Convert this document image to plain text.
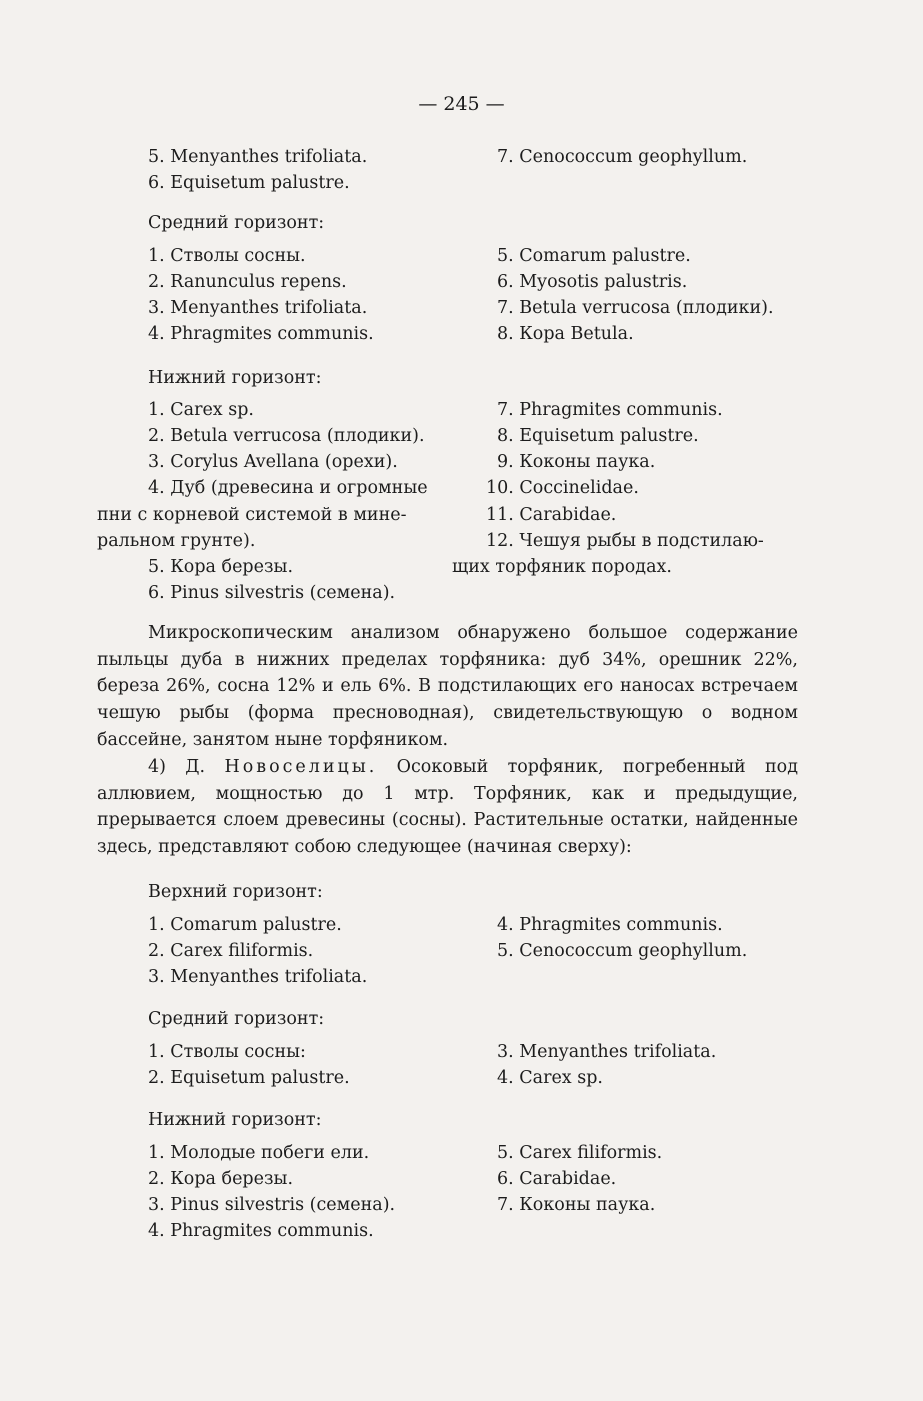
— 245 —
5. Menyanthes trifoliata.
6. Equisetum palustre.
7. Cenococcum geophyllum.
Средний горизонт:
1. Стволы сосны.
2. Ranunculus repens.
3. Menyanthes trifoliata.
4. Phragmites communis.
5. Comarum palustre.
6. Myosotis palustris.
7. Betula verrucosa (плодики).
8. Кора Betula.
Нижний горизонт:
1. Carex sp.
2. Betula verrucosa (плодики).
3. Corylus Avellana (орехи).
4. Дуб (древесина и огромные
пни с корневой системой в мине-
ральном грунте).
5. Кора березы.
6. Pinus silvestris (семена).
7. Phragmites communis.
8. Equisetum palustre.
9. Коконы паука.
10. Coccinelidae.
11. Carabidae.
12. Чешуя рыбы в подстилаю-
щих торфяник породах.
Микроскопическим анализом обнаружено большое содержание пыльцы дуба в нижних пределах торфяника: дуб 34%, орешник 22%, береза 26%, сосна 12% и ель 6%. В подстилающих его наносах встречаем чешую рыбы (форма пресноводная), свидетельствующую о водном бассейне, занятом ныне торфяником.
4) Д. Новоселицы. Осоковый торфяник, погребенный под аллювием, мощностью до 1 мтр. Торфяник, как и предыдущие, прерывается слоем древесины (сосны). Растительные остатки, найденные здесь, представляют собою следующее (начиная сверху):
Верхний горизонт:
1. Comarum palustre.
2. Carex filiformis.
3. Menyanthes trifoliata.
4. Phragmites communis.
5. Cenococcum geophyllum.
Средний горизонт:
1. Стволы сосны:
2. Equisetum palustre.
3. Menyanthes trifoliata.
4. Carex sp.
Нижний горизонт:
1. Молодые побеги ели.
2. Кора березы.
3. Pinus silvestris (семена).
4. Phragmites communis.
5. Carex filiformis.
6. Carabidae.
7. Коконы паука.
